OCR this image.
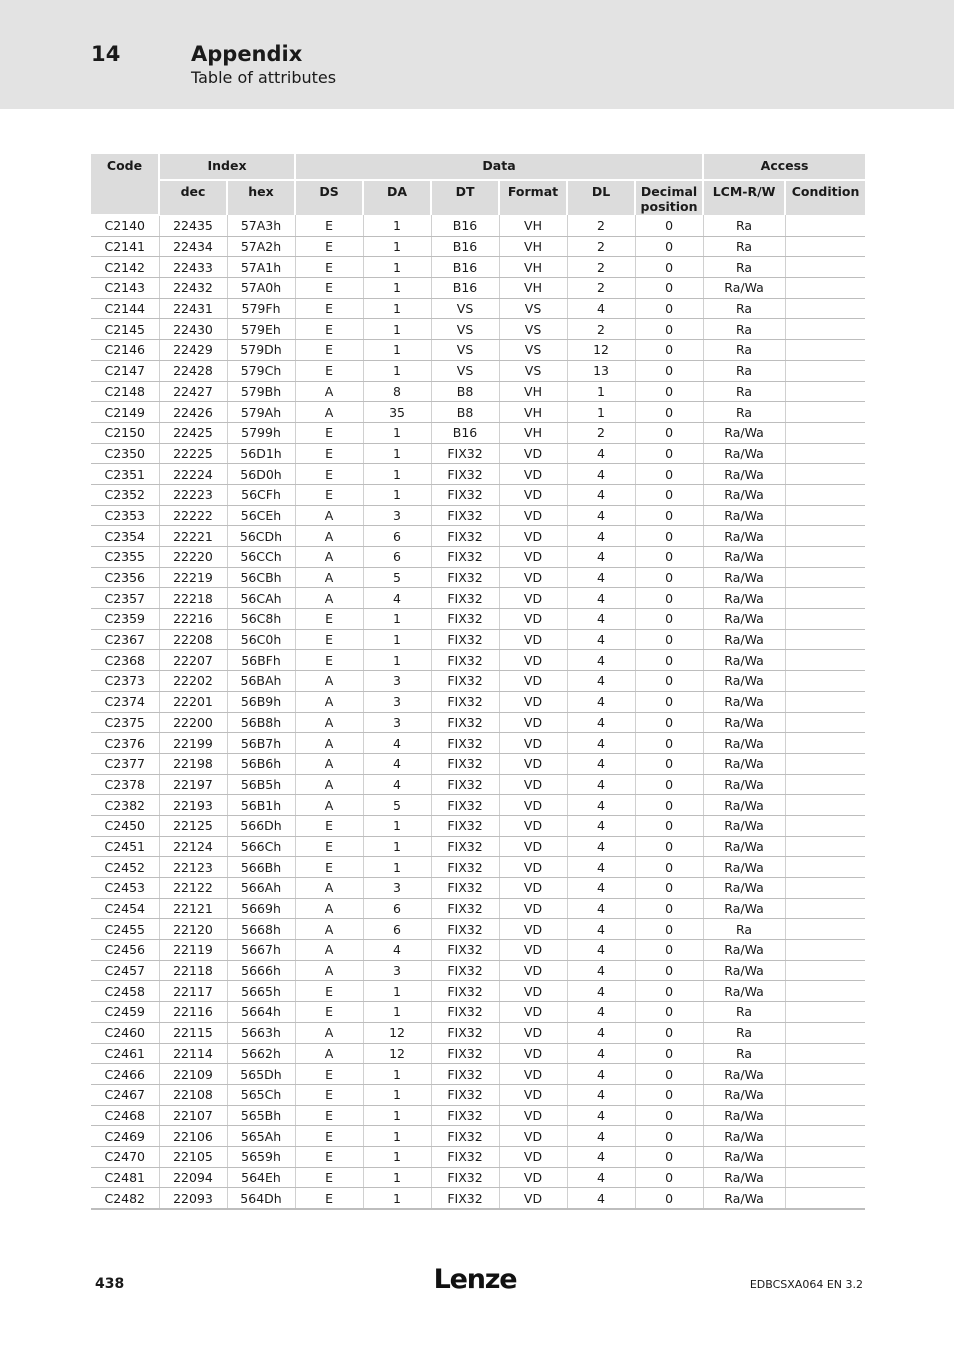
14	Appendix
Table of attributes
Code	Index		Data						Access	
	dec	hex	DS	DA	DT	Format	DL	Decimal position	LCM-R/W	Condition
C2140	22435	57A3h	E	1	B16	VH	2	0	Ra	
C2141	22434	57A2h	E	1	B16	VH	2	0	Ra	
C2142	22433	57A1h	E	1	B16	VH	2	0	Ra	
C2143	22432	57A0h	E	1	B16	VH	2	0	Ra/Wa	
C2144	22431	579Fh	E	1	VS	VS	4	0	Ra	
C2145	22430	579Eh	E	1	VS	VS	2	0	Ra	
C2146	22429	579Dh	E	1	VS	VS	12	0	Ra	
C2147	22428	579Ch	E	1	VS	VS	13	0	Ra	
C2148	22427	579Bh	A	8	B8	VH	1	0	Ra	
C2149	22426	579Ah	A	35	B8	VH	1	0	Ra	
C2150	22425	5799h	E	1	B16	VH	2	0	Ra/Wa	
C2350	22225	56D1h	E	1	FIX32	VD	4	0	Ra/Wa	
C2351	22224	56D0h	E	1	FIX32	VD	4	0	Ra/Wa	
C2352	22223	56CFh	E	1	FIX32	VD	4	0	Ra/Wa	
C2353	22222	56CEh	A	3	FIX32	VD	4	0	Ra/Wa	
C2354	22221	56CDh	A	6	FIX32	VD	4	0	Ra/Wa	
C2355	22220	56CCh	A	6	FIX32	VD	4	0	Ra/Wa	
C2356	22219	56CBh	A	5	FIX32	VD	4	0	Ra/Wa	
C2357	22218	56CAh	A	4	FIX32	VD	4	0	Ra/Wa	
C2359	22216	56C8h	E	1	FIX32	VD	4	0	Ra/Wa	
C2367	22208	56C0h	E	1	FIX32	VD	4	0	Ra/Wa	
C2368	22207	56BFh	E	1	FIX32	VD	4	0	Ra/Wa	
C2373	22202	56BAh	A	3	FIX32	VD	4	0	Ra/Wa	
C2374	22201	56B9h	A	3	FIX32	VD	4	0	Ra/Wa	
C2375	22200	56B8h	A	3	FIX32	VD	4	0	Ra/Wa	
C2376	22199	56B7h	A	4	FIX32	VD	4	0	Ra/Wa	
C2377	22198	56B6h	A	4	FIX32	VD	4	0	Ra/Wa	
C2378	22197	56B5h	A	4	FIX32	VD	4	0	Ra/Wa	
C2382	22193	56B1h	A	5	FIX32	VD	4	0	Ra/Wa	
C2450	22125	566Dh	E	1	FIX32	VD	4	0	Ra/Wa	
C2451	22124	566Ch	E	1	FIX32	VD	4	0	Ra/Wa	
C2452	22123	566Bh	E	1	FIX32	VD	4	0	Ra/Wa	
C2453	22122	566Ah	A	3	FIX32	VD	4	0	Ra/Wa	
C2454	22121	5669h	A	6	FIX32	VD	4	0	Ra/Wa	
C2455	22120	5668h	A	6	FIX32	VD	4	0	Ra	
C2456	22119	5667h	A	4	FIX32	VD	4	0	Ra/Wa	
C2457	22118	5666h	A	3	FIX32	VD	4	0	Ra/Wa	
C2458	22117	5665h	E	1	FIX32	VD	4	0	Ra/Wa	
C2459	22116	5664h	E	1	FIX32	VD	4	0	Ra	
C2460	22115	5663h	A	12	FIX32	VD	4	0	Ra	
C2461	22114	5662h	A	12	FIX32	VD	4	0	Ra	
C2466	22109	565Dh	E	1	FIX32	VD	4	0	Ra/Wa	
C2467	22108	565Ch	E	1	FIX32	VD	4	0	Ra/Wa	
C2468	22107	565Bh	E	1	FIX32	VD	4	0	Ra/Wa	
C2469	22106	565Ah	E	1	FIX32	VD	4	0	Ra/Wa	
C2470	22105	5659h	E	1	FIX32	VD	4	0	Ra/Wa	
C2481	22094	564Eh	E	1	FIX32	VD	4	0	Ra/Wa	
C2482	22093	564Dh	E	1	FIX32	VD	4	0	Ra/Wa	
438	Lenze	EDBCSXA064 EN 3.2
